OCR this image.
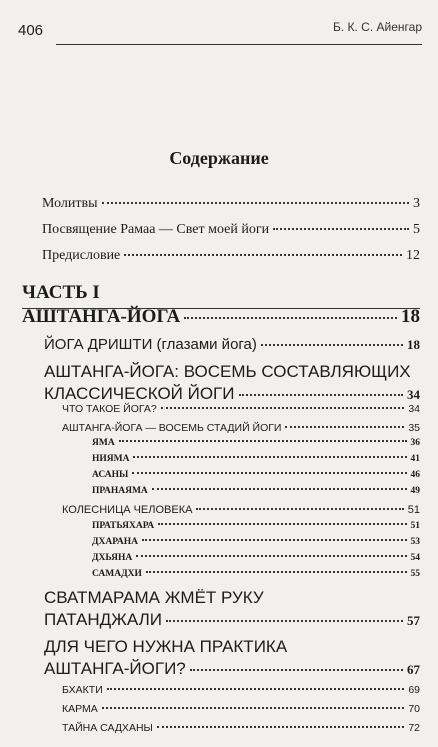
406	Б. К. С. Айенгар
Содержание
Молитвы	3
Посвящение Рамаа — Свет моей йоги	5
Предисловие	12
ЧАСТЬ I
АШТАНГА-ЙОГА	18
ЙОГА ДРИШТИ (глазами йога)	18
АШТАНГА-ЙОГА: ВОСЕМЬ СОСТАВЛЯЮЩИХ
КЛАССИЧЕСКОЙ ЙОГИ	34
ЧТО ТАКОЕ ЙОГА?	34
АШТАНГА-ЙОГА — ВОСЕМЬ СТАДИЙ ЙОГИ	35
ЯМА	36
НИЯМА	41
АСАНЫ	46
ПРАНАЯМА	49
КОЛЕСНИЦА ЧЕЛОВЕКА	51
ПРАТЬЯХАРА	51
ДХАРАНА	53
ДХЬЯНА	54
САМАДХИ	55
СВАТМАРАМА ЖМЁТ РУКУ
ПАТАНДЖАЛИ	57
ДЛЯ ЧЕГО НУЖНА ПРАКТИКА
АШТАНГА-ЙОГИ?	67
БХАКТИ	69
КАРМА	70
ТАЙНА САДХАНЫ	72
